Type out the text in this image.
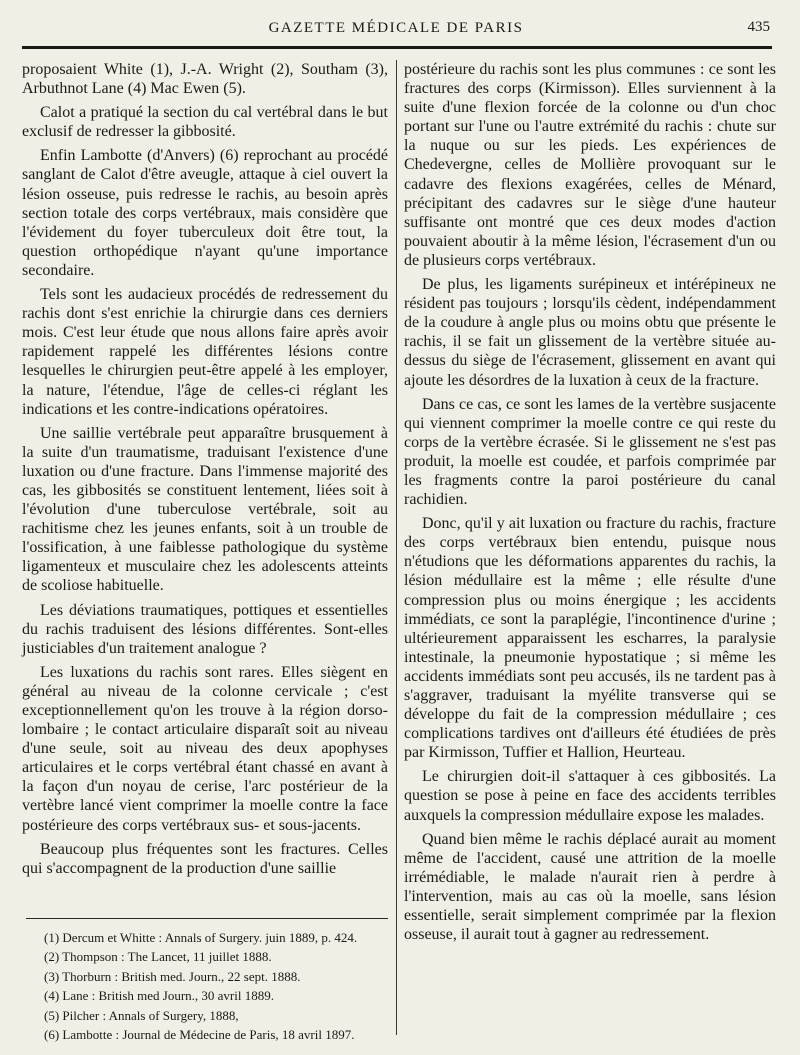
GAZETTE MÉDICALE DE PARIS	435

proposaient White (1), J.-A. Wright (2), Southam (3), Arbuthnot Lane (4) Mac Ewen (5).

Calot a pratiqué la section du cal vertébral dans le but exclusif de redresser la gibbosité.

Enfin Lambotte (d'Anvers) (6) reprochant au procédé sanglant de Calot d'être aveugle, attaque à ciel ouvert la lésion osseuse, puis redresse le rachis, au besoin après section totale des corps vertébraux, mais considère que l'évidement du foyer tuberculeux doit être tout, la question orthopédique n'ayant qu'une importance secondaire.

Tels sont les audacieux procédés de redressement du rachis dont s'est enrichie la chirurgie dans ces derniers mois. C'est leur étude que nous allons faire après avoir rapidement rappelé les différentes lésions contre lesquelles le chirurgien peut-être appelé à les employer, la nature, l'étendue, l'âge de celles-ci réglant les indications et les contre-indications opératoires.

Une saillie vertébrale peut apparaître brusquement à la suite d'un traumatisme, traduisant l'existence d'une luxation ou d'une fracture. Dans l'immense majorité des cas, les gibbosités se constituent lentement, liées soit à l'évolution d'une tuberculose vertébrale, soit au rachitisme chez les jeunes enfants, soit à un trouble de l'ossification, à une faiblesse pathologique du système ligamenteux et musculaire chez les adolescents atteints de scoliose habituelle.

Les déviations traumatiques, pottiques et essentielles du rachis traduisent des lésions différentes. Sont-elles justiciables d'un traitement analogue ?

Les luxations du rachis sont rares. Elles siègent en général au niveau de la colonne cervicale ; c'est exceptionnellement qu'on les trouve à la région dorso-lombaire ; le contact articulaire disparaît soit au niveau d'une seule, soit au niveau des deux apophyses articulaires et le corps vertébral étant chassé en avant à la façon d'un noyau de cerise, l'arc postérieur de la vertèbre lancé vient comprimer la moelle contre la face postérieure des corps vertébraux sus- et sous-jacents.

Beaucoup plus fréquentes sont les fractures. Celles qui s'accompagnent de la production d'une saillie

postérieure du rachis sont les plus communes : ce sont les fractures des corps (Kirmisson). Elles surviennent à la suite d'une flexion forcée de la colonne ou d'un choc portant sur l'une ou l'autre extrémité du rachis : chute sur la nuque ou sur les pieds. Les expériences de Chedevergne, celles de Mollière provoquant sur le cadavre des flexions exagérées, celles de Ménard, précipitant des cadavres sur le siège d'une hauteur suffisante ont montré que ces deux modes d'action pouvaient aboutir à la même lésion, l'écrasement d'un ou de plusieurs corps vertébraux.

De plus, les ligaments surépineux et intérépineux ne résident pas toujours ; lorsqu'ils cèdent, indépendamment de la coudure à angle plus ou moins obtu que présente le rachis, il se fait un glissement de la vertèbre située au-dessus du siège de l'écrasement, glissement en avant qui ajoute les désordres de la luxation à ceux de la fracture.

Dans ce cas, ce sont les lames de la vertèbre susjacente qui viennent comprimer la moelle contre ce qui reste du corps de la vertèbre écrasée. Si le glissement ne s'est pas produit, la moelle est coudée, et parfois comprimée par les fragments contre la paroi postérieure du canal rachidien.

Donc, qu'il y ait luxation ou fracture du rachis, fracture des corps vertébraux bien entendu, puisque nous n'étudions que les déformations apparentes du rachis, la lésion médullaire est la même ; elle résulte d'une compression plus ou moins énergique ; les accidents immédiats, ce sont la paraplégie, l'incontinence d'urine ; ultérieurement apparaissent les escharres, la paralysie intestinale, la pneumonie hypostatique ; si même les accidents immédiats sont peu accusés, ils ne tardent pas à s'aggraver, traduisant la myélite transverse qui se développe du fait de la compression médullaire ; ces complications tardives ont d'ailleurs été étudiées de près par Kirmisson, Tuffier et Hallion, Heurteau.

Le chirurgien doit-il s'attaquer à ces gibbosités. La question se pose à peine en face des accidents terribles auxquels la compression médullaire expose les malades.

Quand bien même le rachis déplacé aurait au moment même de l'accident, causé une attrition de la moelle irrémédiable, le malade n'aurait rien à perdre à l'intervention, mais au cas où la moelle, sans lésion essentielle, serait simplement comprimée par la flexion osseuse, il aurait tout à gagner au redressement.

(1) Dercum et Whitte : Annals of Surgery. juin 1889, p. 424.

(2) Thompson : The Lancet, 11 juillet 1888.

(3) Thorburn : British med. Journ., 22 sept. 1888.

(4) Lane : British med Journ., 30 avril 1889.

(5) Pilcher : Annals of Surgery, 1888,

(6) Lambotte : Journal de Médecine de Paris, 18 avril 1897.
